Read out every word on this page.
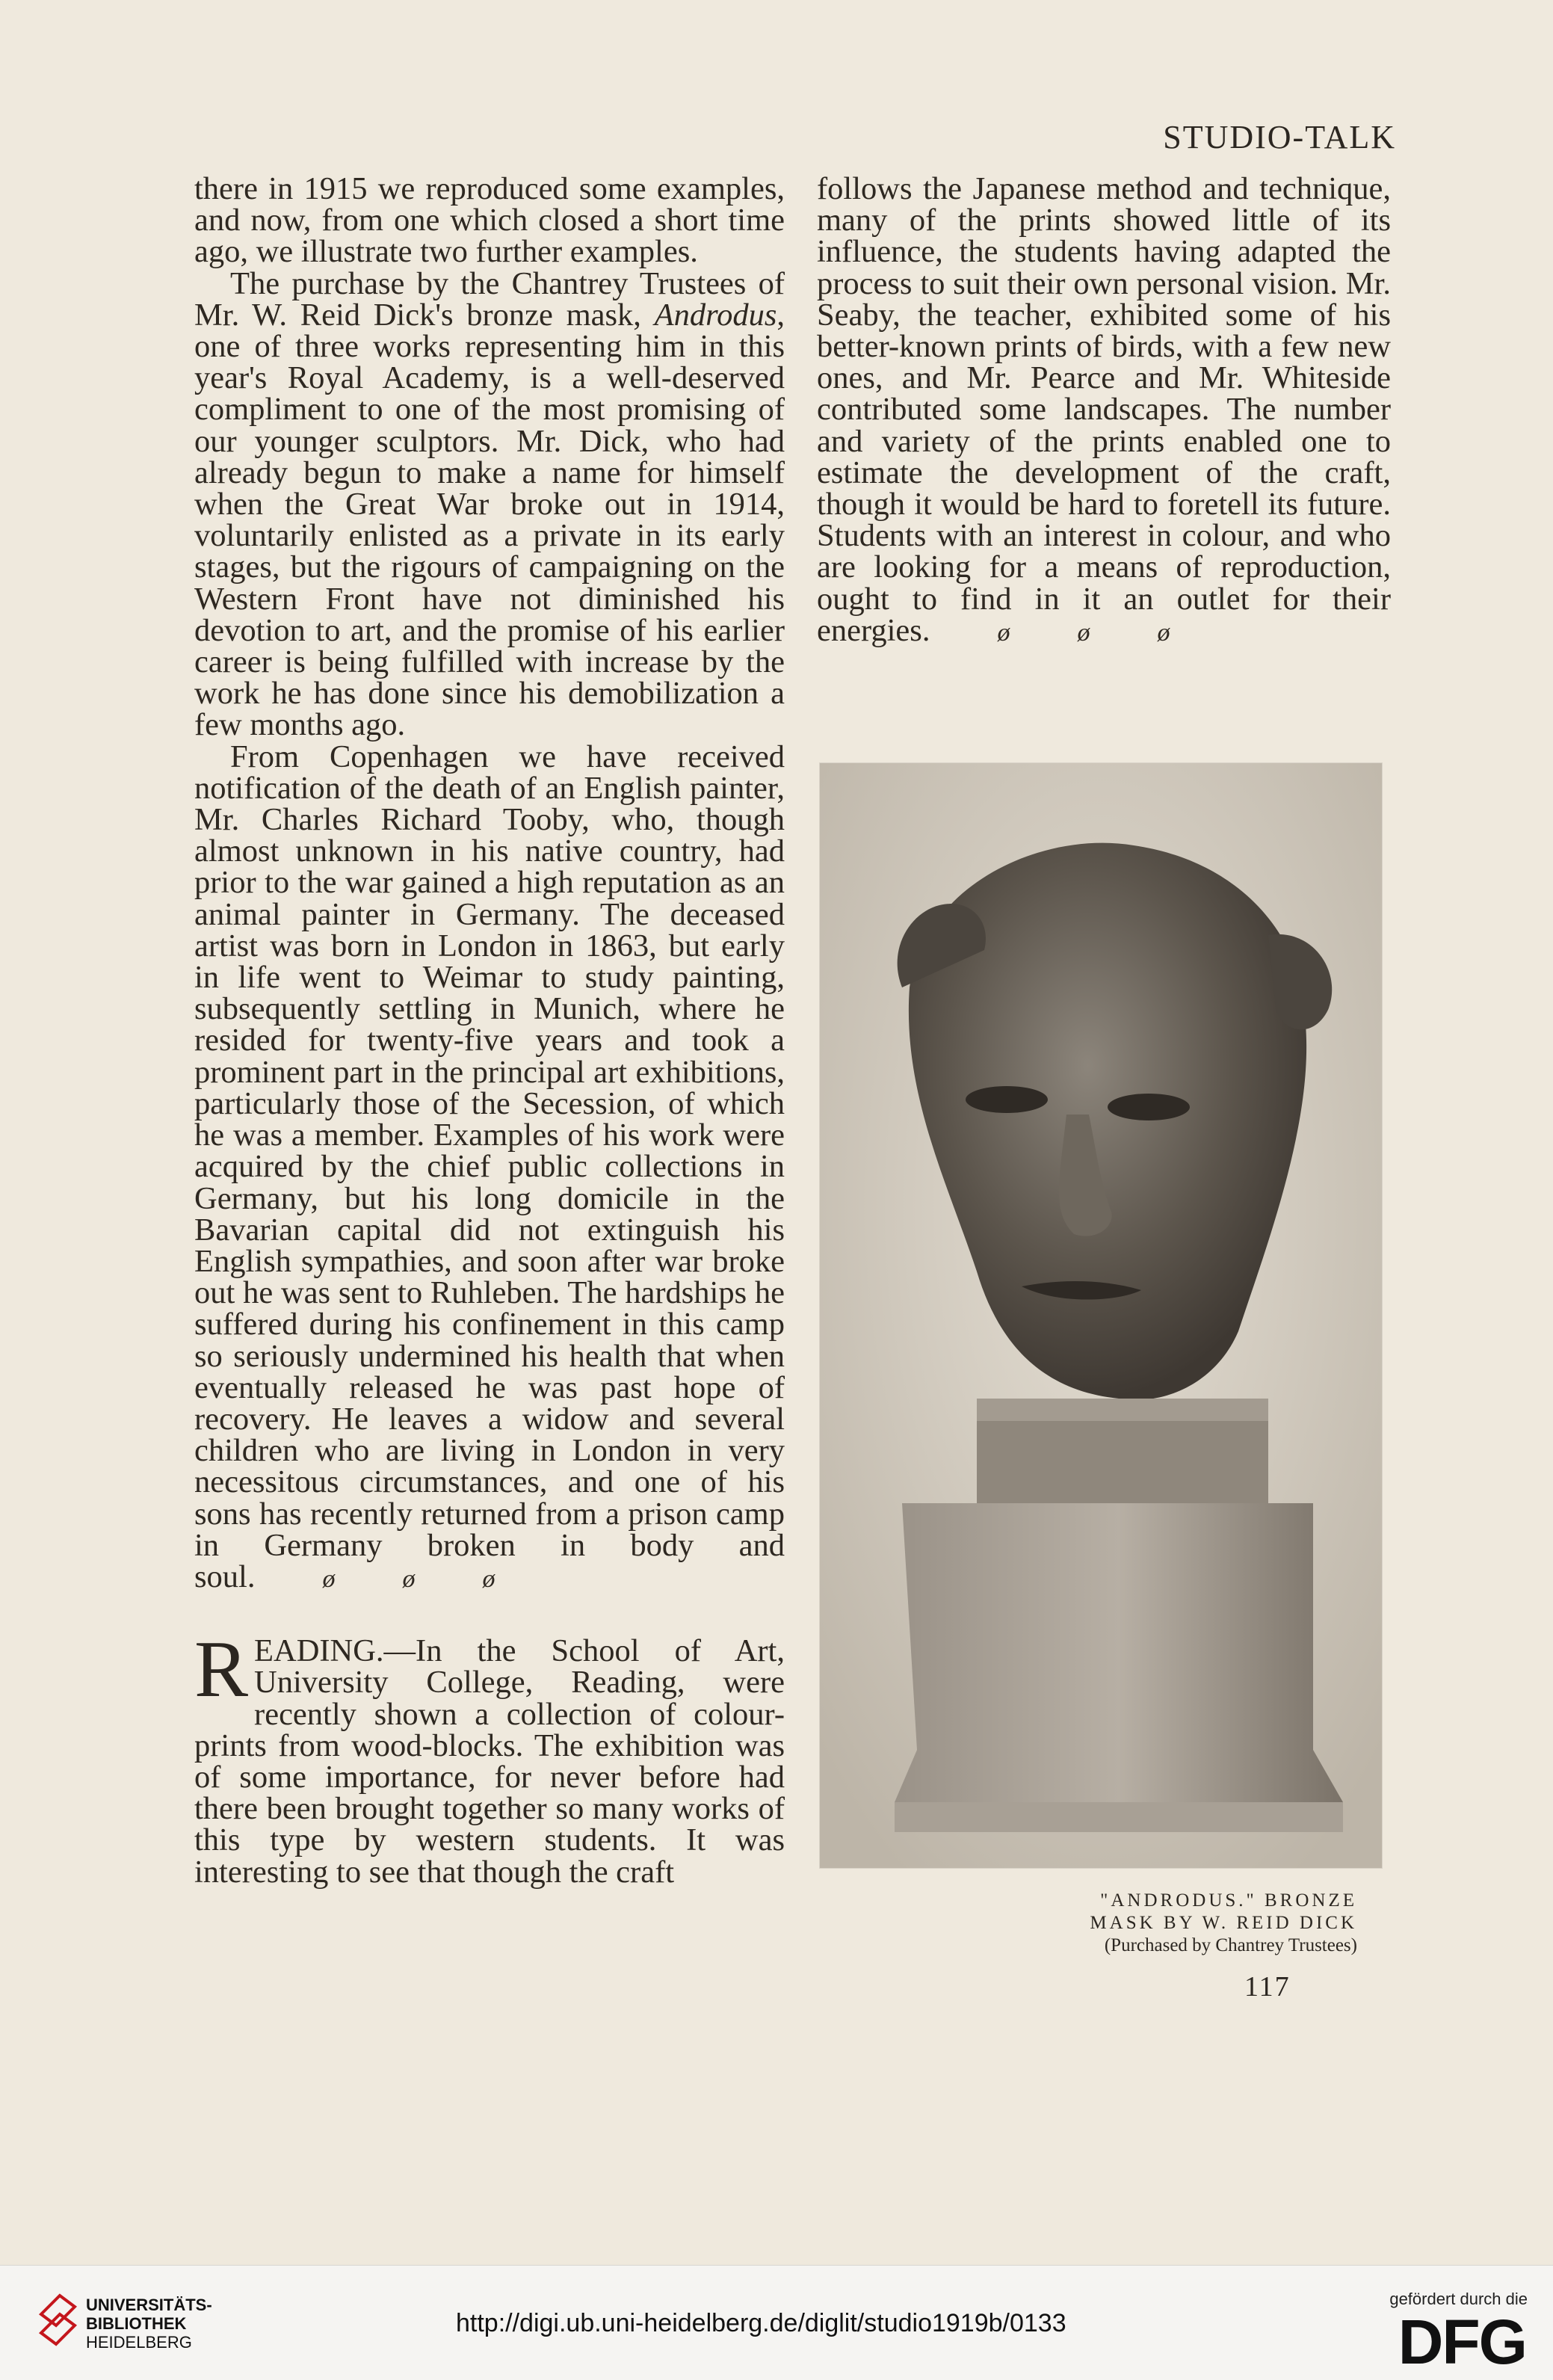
STUDIO-TALK

there in 1915 we reproduced some examples, and now, from one which closed a short time ago, we illustrate two further examples.

The purchase by the Chantrey Trustees of Mr. W. Reid Dick's bronze mask, Androdus, one of three works representing him in this year's Royal Academy, is a well-deserved compliment to one of the most promising of our younger sculptors. Mr. Dick, who had already begun to make a name for himself when the Great War broke out in 1914, voluntarily enlisted as a private in its early stages, but the rigours of campaigning on the Western Front have not diminished his devotion to art, and the promise of his earlier career is being fulfilled with increase by the work he has done since his demobilization a few months ago.

From Copenhagen we have received notification of the death of an English painter, Mr. Charles Richard Tooby, who, though almost unknown in his native country, had prior to the war gained a high reputation as an animal painter in Germany. The deceased artist was born in London in 1863, but early in life went to Weimar to study painting, subsequently settling in Munich, where he resided for twenty-five years and took a prominent part in the principal art exhibitions, particularly those of the Secession, of which he was a member. Examples of his work were acquired by the chief public collections in Germany, but his long domicile in the Bavarian capital did not extinguish his English sympathies, and soon after war broke out he was sent to Ruhleben. The hardships he suffered during his confinement in this camp so seriously undermined his health that when eventually released he was past hope of recovery. He leaves a widow and several children who are living in London in very necessitous circumstances, and one of his sons has recently returned from a prison camp in Germany broken in body and soul.	ø	ø	ø

READING.—In the School of Art, University College, Reading, were recently shown a collection of colour-prints from wood-blocks. The exhibition was of some importance, for never before had there been brought together so many works of this type by western students. It was interesting to see that though the craft

follows the Japanese method and technique, many of the prints showed little of its influence, the students having adapted the process to suit their own personal vision. Mr. Seaby, the teacher, exhibited some of his better-known prints of birds, with a few new ones, and Mr. Pearce and Mr. Whiteside contributed some landscapes. The number and variety of the prints enabled one to estimate the development of the craft, though it would be hard to foretell its future. Students with an interest in colour, and who are looking for a means of reproduction, ought to find in it an outlet for their energies.	ø	ø	ø

"ANDRODUS." BRONZE
MASK BY W. REID DICK
(Purchased by Chantrey Trustees)
117
UNIVERSITÄTS-
BIBLIOTHEK
HEIDELBERG
http://digi.ub.uni-heidelberg.de/diglit/studio1919b/0133
gefördert durch die
DFG
